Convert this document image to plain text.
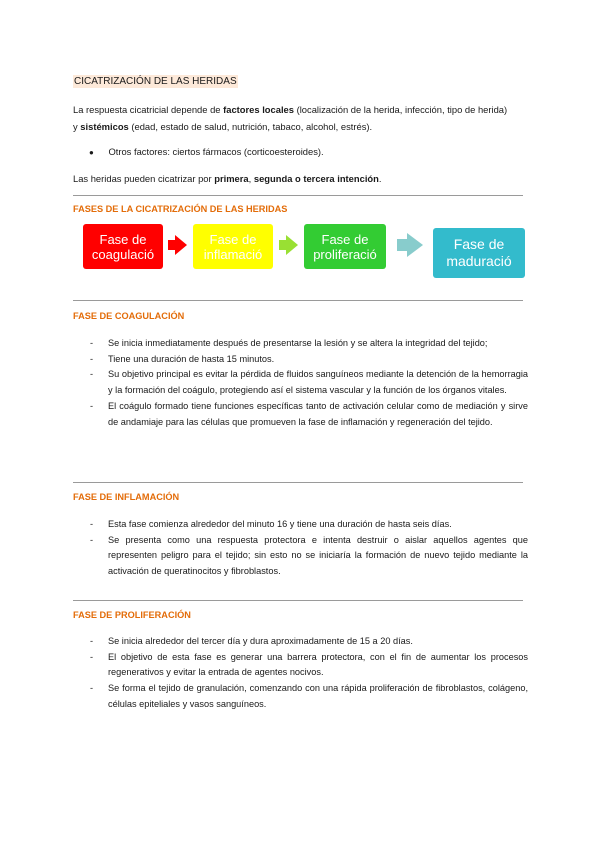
CICATRIZACIÓN DE LAS HERIDAS
La respuesta cicatricial depende de factores locales (localización de la herida, infección, tipo de herida) y sistémicos (edad, estado de salud, nutrición, tabaco, alcohol, estrés).
● Otros factores: ciertos fármacos (corticoesteroides).
Las heridas pueden cicatrizar por primera, segunda o tercera intención.
FASES DE LA CICATRIZACIÓN DE LAS HERIDAS
Fase de coagulació
Fase de inflamació
Fase de proliferació
Fase de maduració
FASE DE COAGULACIÓN
- Se inicia inmediatamente después de presentarse la lesión y se altera la integridad del tejido;
- Tiene una duración de hasta 15 minutos.
- Su objetivo principal es evitar la pérdida de fluidos sanguíneos mediante la detención de la hemorragia y la formación del coágulo, protegiendo así el sistema vascular y la función de los órganos vitales.
- El coágulo formado tiene funciones específicas tanto de activación celular como de mediación y sirve de andamiaje para las células que promueven la fase de inflamación y regeneración del tejido.
FASE DE INFLAMACIÓN
- Esta fase comienza alrededor del minuto 16 y tiene una duración de hasta seis días.
- Se presenta como una respuesta protectora e intenta destruir o aislar aquellos agentes que representen peligro para el tejido; sin esto no se iniciaría la formación de nuevo tejido mediante la activación de queratinocitos y fibroblastos.
FASE DE PROLIFERACIÓN
- Se inicia alrededor del tercer día y dura aproximadamente de 15 a 20 días.
- El objetivo de esta fase es generar una barrera protectora, con el fin de aumentar los procesos regenerativos y evitar la entrada de agentes nocivos.
- Se forma el tejido de granulación, comenzando con una rápida proliferación de fibroblastos, colágeno, células epiteliales y vasos sanguíneos.
